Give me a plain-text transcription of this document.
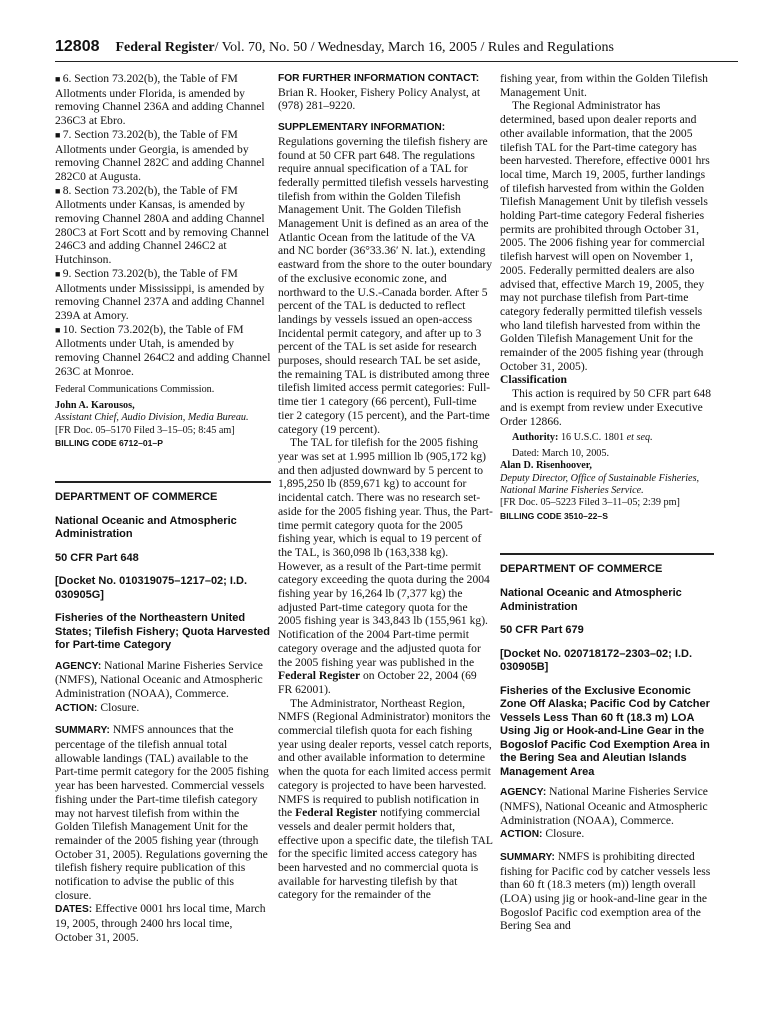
12808 Federal Register/ Vol. 70, No. 50 / Wednesday, March 16, 2005 / Rules and Regulations

■ 6. Section 73.202(b), the Table of FM Allotments under Florida, is amended by removing Channel 236A and adding Channel 236C3 at Ebro.

■ 7. Section 73.202(b), the Table of FM Allotments under Georgia, is amended by removing Channel 282C and adding Channel 282C0 at Augusta.

■ 8. Section 73.202(b), the Table of FM Allotments under Kansas, is amended by removing Channel 280A and adding Channel 280C3 at Fort Scott and by removing Channel 246C3 and adding Channel 246C2 at Hutchinson.

■ 9. Section 73.202(b), the Table of FM Allotments under Mississippi, is amended by removing Channel 237A and adding Channel 239A at Amory.

■ 10. Section 73.202(b), the Table of FM Allotments under Utah, is amended by removing Channel 264C2 and adding Channel 263C at Monroe.

Federal Communications Commission.

John A. Karousos,

Assistant Chief, Audio Division, Media Bureau.

[FR Doc. 05–5170 Filed 3–15–05; 8:45 am]

BILLING CODE 6712–01–P

DEPARTMENT OF COMMERCE
National Oceanic and Atmospheric Administration
50 CFR Part 648
[Docket No. 010319075–1217–02; I.D. 030905G]
Fisheries of the Northeastern United States; Tilefish Fishery; Quota Harvested for Part-time Category

AGENCY: National Marine Fisheries Service (NMFS), National Oceanic and Atmospheric Administration (NOAA), Commerce.

ACTION: Closure.

SUMMARY: NMFS announces that the percentage of the tilefish annual total allowable landings (TAL) available to the Part-time permit category for the 2005 fishing year has been harvested. Commercial vessels fishing under the Part-time tilefish category may not harvest tilefish from within the Golden Tilefish Management Unit for the remainder of the 2005 fishing year (through October 31, 2005). Regulations governing the tilefish fishery require publication of this notification to advise the public of this closure.

DATES: Effective 0001 hrs local time, March 19, 2005, through 2400 hrs local time, October 31, 2005.

FOR FURTHER INFORMATION CONTACT:

Brian R. Hooker, Fishery Policy Analyst, at (978) 281–9220.

SUPPLEMENTARY INFORMATION:

Regulations governing the tilefish fishery are found at 50 CFR part 648. The regulations require annual specification of a TAL for federally permitted tilefish vessels harvesting tilefish from within the Golden Tilefish Management Unit. The Golden Tilefish Management Unit is defined as an area of the Atlantic Ocean from the latitude of the VA and NC border (36°33.36′ N. lat.), extending eastward from the shore to the outer boundary of the exclusive economic zone, and northward to the U.S.-Canada border. After 5 percent of the TAL is deducted to reflect landings by vessels issued an open-access Incidental permit category, and after up to 3 percent of the TAL is set aside for research purposes, should research TAL be set aside, the remaining TAL is distributed among three tilefish limited access permit categories: Full-time tier 1 category (66 percent), Full-time tier 2 category (15 percent), and the Part-time category (19 percent).

The TAL for tilefish for the 2005 fishing year was set at 1.995 million lb (905,172 kg) and then adjusted downward by 5 percent to 1,895,250 lb (859,671 kg) to account for incidental catch. There was no research set-aside for the 2005 fishing year. Thus, the Part-time permit category quota for the 2005 fishing year, which is equal to 19 percent of the TAL, is 360,098 lb (163,338 kg). However, as a result of the Part-time permit category exceeding the quota during the 2004 fishing year by 16,264 lb (7,377 kg) the adjusted Part-time category quota for the 2005 fishing year is 343,843 lb (155,961 kg). Notification of the 2004 Part-time permit category overage and the adjusted quota for the 2005 fishing year was published in the Federal Register on October 22, 2004 (69 FR 62001).

The Administrator, Northeast Region, NMFS (Regional Administrator) monitors the commercial tilefish quota for each fishing year using dealer reports, vessel catch reports, and other available information to determine when the quota for each limited access permit category is projected to have been harvested. NMFS is required to publish notification in the Federal Register notifying commercial vessels and dealer permit holders that, effective upon a specific date, the tilefish TAL for the specific limited access category has been harvested and no commercial quota is available for harvesting tilefish by that category for the remainder of the

fishing year, from within the Golden Tilefish Management Unit.

The Regional Administrator has determined, based upon dealer reports and other available information, that the 2005 tilefish TAL for the Part-time category has been harvested. Therefore, effective 0001 hrs local time, March 19, 2005, further landings of tilefish harvested from within the Golden Tilefish Management Unit by tilefish vessels holding Part-time category Federal fisheries permits are prohibited through October 31, 2005. The 2006 fishing year for commercial tilefish harvest will open on November 1, 2005. Federally permitted dealers are also advised that, effective March 19, 2005, they may not purchase tilefish from Part-time category federally permitted tilefish vessels who land tilefish harvested from within the Golden Tilefish Management Unit for the remainder of the 2005 fishing year (through October 31, 2005).

Classification

This action is required by 50 CFR part 648 and is exempt from review under Executive Order 12866.

Authority: 16 U.S.C. 1801 et seq.

Dated: March 10, 2005.

Alan D. Risenhoover,

Deputy Director, Office of Sustainable Fisheries, National Marine Fisheries Service.

[FR Doc. 05–5223 Filed 3–11–05; 2:39 pm]

BILLING CODE 3510–22–S

DEPARTMENT OF COMMERCE
National Oceanic and Atmospheric Administration
50 CFR Part 679
[Docket No. 020718172–2303–02; I.D. 030905B]
Fisheries of the Exclusive Economic Zone Off Alaska; Pacific Cod by Catcher Vessels Less Than 60 ft (18.3 m) LOA Using Jig or Hook-and-Line Gear in the Bogoslof Pacific Cod Exemption Area in the Bering Sea and Aleutian Islands Management Area

AGENCY: National Marine Fisheries Service (NMFS), National Oceanic and Atmospheric Administration (NOAA), Commerce.

ACTION: Closure.

SUMMARY: NMFS is prohibiting directed fishing for Pacific cod by catcher vessels less than 60 ft (18.3 meters (m)) length overall (LOA) using jig or hook-and-line gear in the Bogoslof Pacific cod exemption area of the Bering Sea and
